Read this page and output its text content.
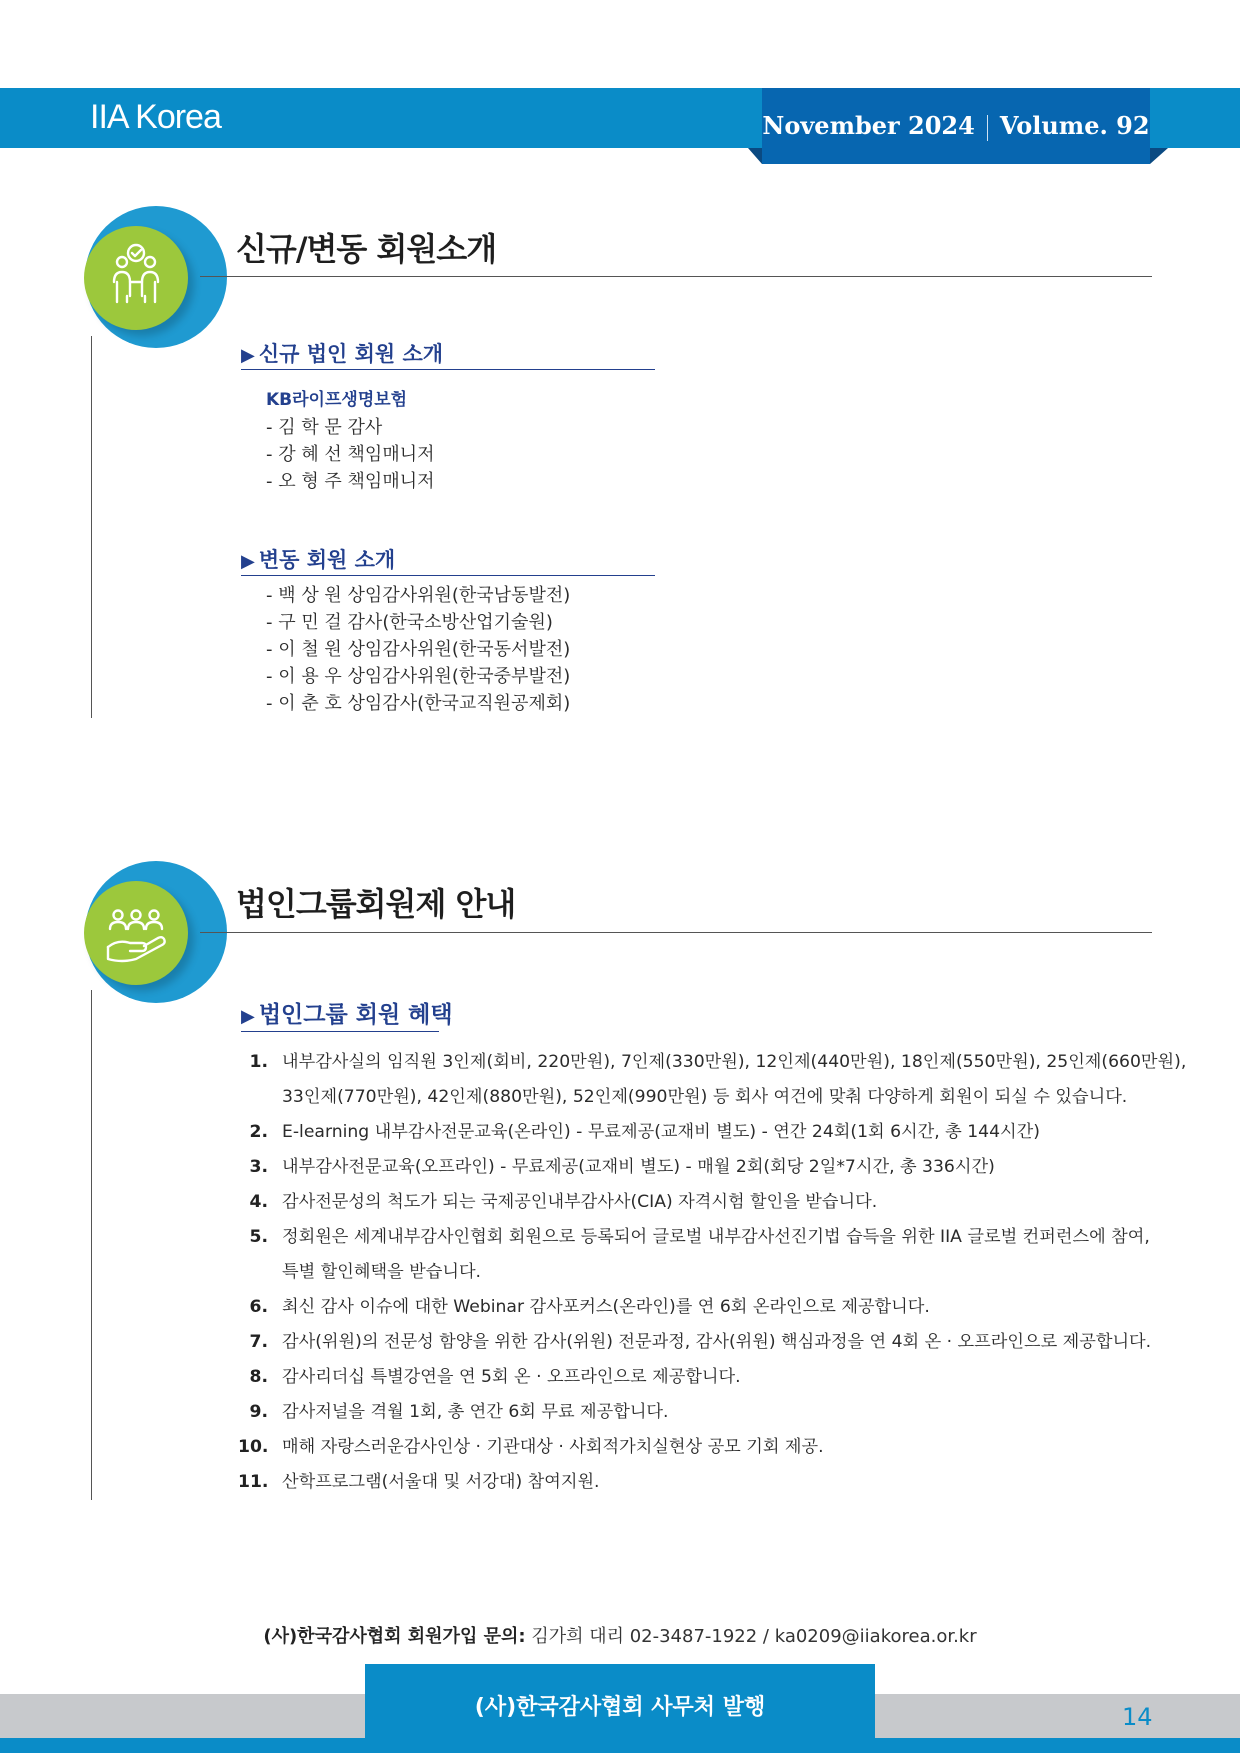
IIA Korea	November 2024 Volume. 92
신규/변동 회원소개
▶ 신규 법인 회원 소개
KB라이프생명보험
- 김 학 문 감사
- 강 혜 선 책임매니저
- 오 형 주 책임매니저
▶ 변동 회원 소개
- 백 상 원 상임감사위원(한국남동발전)
- 구 민 걸 감사(한국소방산업기술원)
- 이 철 원 상임감사위원(한국동서발전)
- 이 용 우 상임감사위원(한국중부발전)
- 이 춘 호 상임감사(한국교직원공제회)
법인그룹회원제 안내
▶ 법인그룹 회원 혜택
1. 내부감사실의 임직원 3인제(회비, 220만원), 7인제(330만원), 12인제(440만원), 18인제(550만원), 25인제(660만원),
33인제(770만원), 42인제(880만원), 52인제(990만원) 등 회사 여건에 맞춰 다양하게 회원이 되실 수 있습니다.
2. E-learning 내부감사전문교육(온라인) - 무료제공(교재비 별도) - 연간 24회(1회 6시간, 총 144시간)
3. 내부감사전문교육(오프라인) - 무료제공(교재비 별도) - 매월 2회(회당 2일*7시간, 총 336시간)
4. 감사전문성의 척도가 되는 국제공인내부감사사(CIA) 자격시험 할인을 받습니다.
5. 정회원은 세계내부감사인협회 회원으로 등록되어 글로벌 내부감사선진기법 습득을 위한 IIA 글로벌 컨퍼런스에 참여,
특별 할인혜택을 받습니다.
6. 최신 감사 이슈에 대한 Webinar 감사포커스(온라인)를 연 6회 온라인으로 제공합니다.
7. 감사(위원)의 전문성 함양을 위한 감사(위원) 전문과정, 감사(위원) 핵심과정을 연 4회 온 · 오프라인으로 제공합니다.
8. 감사리더십 특별강연을 연 5회 온 · 오프라인으로 제공합니다.
9. 감사저널을 격월 1회, 총 연간 6회 무료 제공합니다.
10. 매해 자랑스러운감사인상 · 기관대상 · 사회적가치실현상 공모 기회 제공.
11. 산학프로그램(서울대 및 서강대) 참여지원.
(사)한국감사협회 회원가입 문의: 김가희 대리 02-3487-1922 / ka0209@iiakorea.or.kr
(사)한국감사협회 사무처 발행	14
